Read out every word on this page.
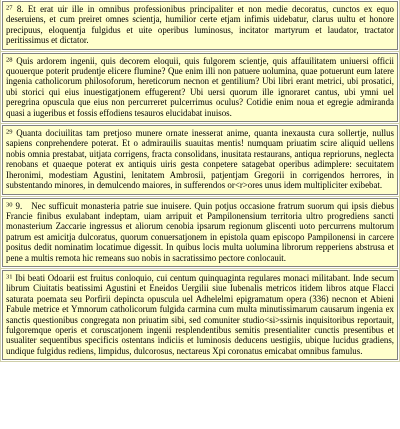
$^{27}$ 8. Et erat uir ille in omnibus professionibus principaliter et non medie decoratus, cunctos ex equo deseruiens, et cum preiret omnes scientja, humilior certe etjam infimis uidebatur, clarus uultu et honore precipuus, eloquentja fulgidus et uite operibus luminosus, incitator martyrum et laudator, tractator peritissimus et dictator.
$^{28}$ Quis ardorem ingenii, quis decorem eloquii, quis fulgorem scientje, quis affauilitatem uniuersi officii quouerque poterit prudentje elicere flumine? Que enim illi non patuere uolumina, quae potuerunt eum latere ingenia catholicorum philosoforum, hereticorum necnon et gentilium? Ubi libri erant metrici, ubi prosatici, ubi storici qui eius inuestigatjonem effugerent? Ubi uersi quorum ille ignoraret cantus, ubi ymni uel peregrina opuscula que eius non percurreret pulcerrimus oculus? Cotidie enim noua et egregie admiranda quasi a iugeribus et fossis effodiens tesauros elucidabat inuisos.
$^{29}$ Quanta dociuilitas tam pretjoso munere ornate inesserat anime, quanta inexausta cura sollertje, nullus sapiens conprehendere poterat. Et o admirauilis suauitas mentis! numquam priuatim scire aliquid uellens nobis omnia prestabat, uitjata corrigens, fracta consolidans, inusitata restaurans, antiqua reprioruns, neglecta renobans et quaeque poterat ex antiquis uiris gesta conpetere satagebat operibus adimplere: secuitatem Iheronimi, modestiam Agustini, lenitatem Ambrosii, patjentjam Gregorii in corrigendos herrores, in substentando minores, in demulcendo maiores, in sufferendos or<r>ores unus idem multipliciter exibebat.
$^{30}$ 9. Nec sufficuit monasteria patrie sue inuisere. Quin potjus occasione fratrum suorum qui ipsis diebus Francie finibus exulabant indeptam, uiam arripuit et Pampilonensium territoria ultro progrediens sancti monasterium Zaccarie ingressus et aliorum cenobia ipsarum regionum gliscenti uoto percurrens multorum patrum est amicitja dulcoratus, quorum conuersatjonem in epistola quam episcopo Pampilonensi in carcere positus dedit nominatim locatimue digessit. In quibus locis multa uolumina librorum repperiens abstrusa et pene a multis remota hic remeans suo nobis in sacratissimo pectore conlocauit.
$^{31}$ Ibi beati Odoarii est fruitus conloquio, cui centum quinquaginta regulares monaci militabant. Inde secum librum Ciuitatis beatissimi Agustini et Eneidos Uergilii siue Iubenalis metricos itidem libros atque Flacci saturata poemata seu Porfirii depincta opuscula uel Adhelelmi epigramatum opera (336) necnon et Abieni Fabule metrice et Ymnorum catholicorum fulgida carmina cum multa minutissimarum causarum ingenia ex sanctis questionibus congregata non priuatim sibi, sed comuniter studio<si>ssirnis inquisitoribus reportauit, fulgoremque operis et coruscatjonem ingenii resplendentibus semitis presentialiter cunctis presentibus et usualiter sequentibus specificis ostentans indiciis et luminosis deducens uestigiis, ubique lucidus gradiens, undique fulgidus rediens, limpidus, dulcorosus, nectareus Xpi coronatus emicabat omnibus famulus.
